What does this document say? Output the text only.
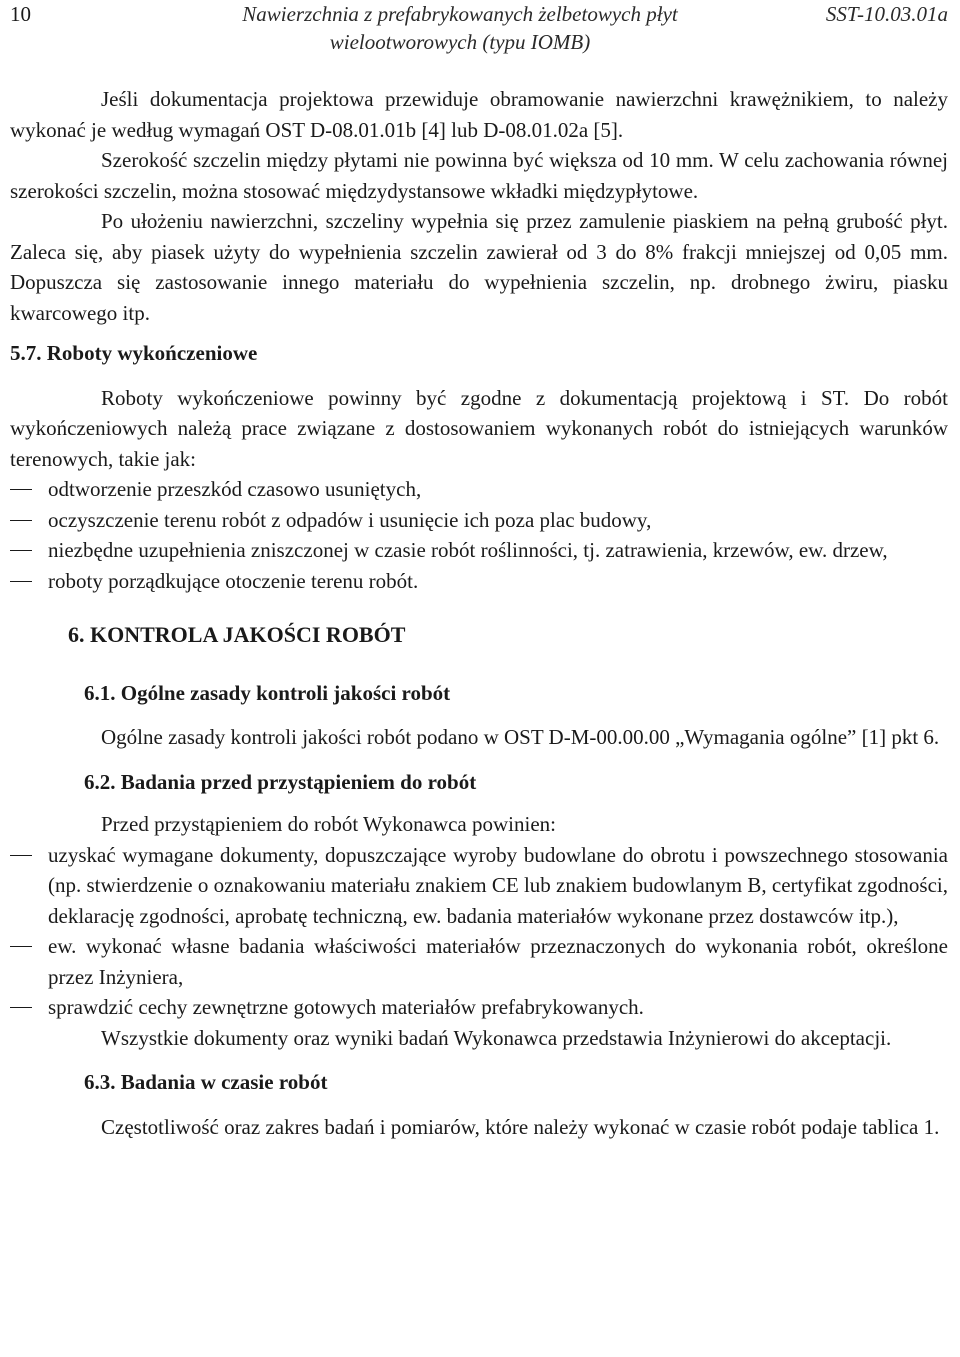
10	Nawierzchnia z prefabrykowanych żelbetowych płyt
wielootworowych (typu IOMB)
SST-10.03.01a

Jeśli dokumentacja projektowa przewiduje obramowanie nawierzchni krawężnikiem, to należy wykonać je według wymagań OST D-08.01.01b [4] lub D-08.01.02a [5].

Szerokość szczelin między płytami nie powinna być większa od 10 mm. W celu zachowania równej szerokości szczelin, można stosować międzydystansowe wkładki międzypłytowe.

Po ułożeniu nawierzchni, szczeliny wypełnia się przez zamulenie piaskiem na pełną grubość płyt. Zaleca się, aby piasek użyty do wypełnienia szczelin zawierał od 3 do 8% frakcji mniejszej od 0,05 mm. Dopuszcza się zastosowanie innego materiału do wypełnienia szczelin, np. drobnego żwiru, piasku kwarcowego itp.

5.7. Roboty wykończeniowe

Roboty wykończeniowe powinny być zgodne z dokumentacją projektową i ST. Do robót wykończeniowych należą prace związane z dostosowaniem wykonanych robót do istniejących warunków terenowych, takie jak:

odtworzenie przeszkód czasowo usuniętych,
oczyszczenie terenu robót z odpadów i usunięcie ich poza plac budowy,
niezbędne uzupełnienia zniszczonej w czasie robót roślinności, tj. zatrawienia, krzewów, ew. drzew,
roboty porządkujące otoczenie terenu robót.

6. KONTROLA JAKOŚCI ROBÓT

6.1. Ogólne zasady kontroli jakości robót

Ogólne zasady kontroli jakości robót podano w OST D-M-00.00.00 „Wymagania ogólne” [1] pkt 6.

6.2. Badania przed przystąpieniem do robót

Przed przystąpieniem do robót Wykonawca powinien:

uzyskać wymagane dokumenty, dopuszczające wyroby budowlane do obrotu i powszechnego stosowania (np. stwierdzenie o oznakowaniu materiału znakiem CE lub znakiem budowlanym B, certyfikat zgodności, deklarację zgodności, aprobatę techniczną, ew. badania materiałów wykonane przez dostawców itp.),
ew. wykonać własne badania właściwości materiałów przeznaczonych do wykonania robót, określone przez Inżyniera,
sprawdzić cechy zewnętrzne gotowych materiałów prefabrykowanych.

Wszystkie dokumenty oraz wyniki badań Wykonawca przedstawia Inżynierowi do akceptacji.

6.3. Badania w czasie robót

Częstotliwość oraz zakres badań i pomiarów, które należy wykonać w czasie robót podaje tablica 1.
